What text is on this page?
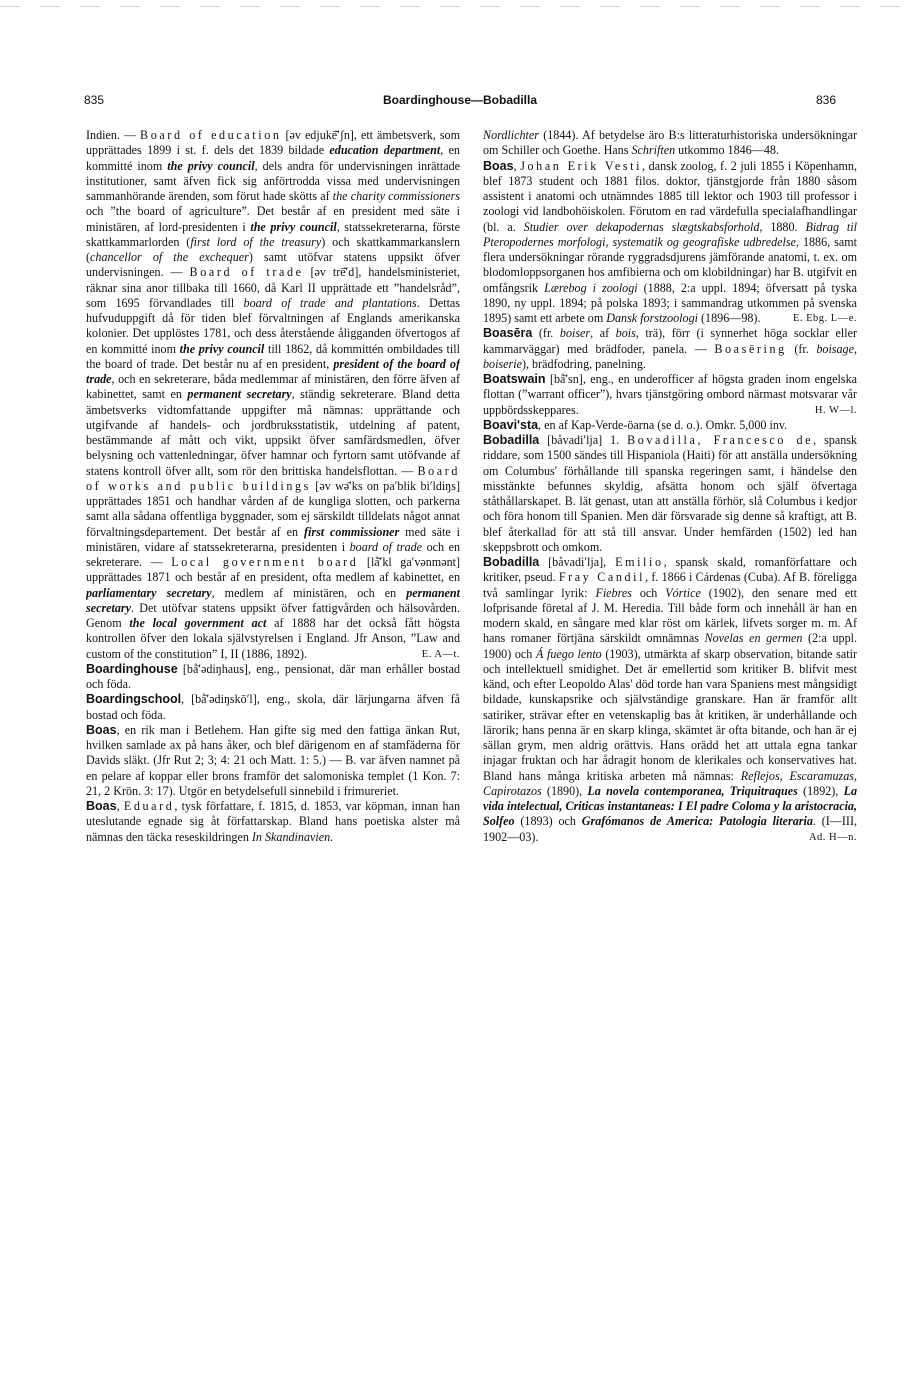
835	Boardinghouse—Bobadilla	836

Indien. — Board of education [əv edjukē̆ʹʃn], ett ämbetsverk, som upprättades 1899 i st. f. dels det 1839 bildade education department, en kommitté inom the privy council, dels andra för undervisningen inrättade institutioner, samt äfven fick sig anförtrodda vissa med undervisningen sammanhörande ärenden, som förut hade skötts af the charity commissioners och ”the board of agriculture”. Det består af en president med säte i ministären, af lord-presidenten i the privy council, statssekreterarna, förste skattkammarlorden (first lord of the treasury) och skattkammarkanslern (chancellor of the exchequer) samt utöfvar statens uppsikt öfver undervisningen. — Board of trade [əv trē̆ʹd], handelsministeriet, räknar sina anor tillbaka till 1660, då Karl II upprättade ett ”handelsråd”, som 1695 förvandlades till board of trade and plantations. Dettas hufvuduppgift då för tiden blef förvaltningen af Englands amerikanska kolonier. Det upplöstes 1781, och dess återstående åligganden öfvertogos af en kommitté inom the privy council till 1862, då kommittén ombildades till the board of trade. Det består nu af en president, president of the board of trade, och en sekreterare, båda medlemmar af ministären, den förre äfven af kabinettet, samt en permanent secretary, ständig sekreterare. Bland detta ämbetsverks vidtomfattande uppgifter må nämnas: upprättande och utgifvande af handels- och jordbruksstatistik, utdelning af patent, bestämmande af mått och vikt, uppsikt öfver samfärdsmedlen, öfver belysning och vattenledningar, öfver hamnar och fyrtorn samt utöfvande af statens kontroll öfver allt, som rör den brittiska handelsflottan. — Board of works and public buildings [əv wə̄ʹks on paʹblik biʹldiŋs] upprättades 1851 och handhar vården af de kungliga slotten, och parkerna samt alla sådana offentliga byggnader, som ej särskildt tilldelats något annat förvaltningsdepartement. Det består af en first commissioner med säte i ministären, vidare af statssekreterarna, presidenten i board of trade och en sekreterare. — Local government board [lå̆ʹkl gaʹvənmənt] upprättades 1871 och består af en president, ofta medlem af kabinettet, en parliamentary secretary, medlem af ministären, och en permanent secretary. Det utöfvar statens uppsikt öfver fattigvården och hälsovården. Genom the local government act af 1888 har det också fått högsta kontrollen öfver den lokala självstyrelsen i England. Jfr Anson, ”Law and custom of the constitution” I, II (1886, 1892).	E. A—t.

Boardinghouse [bå̄ʹədiŋhaus], eng., pensionat, där man erhåller bostad och föda.

Boardingschool, [bå̄ʹədiŋskōʹl], eng., skola, där lärjungarna äfven få bostad och föda.

Boas, en rik man i Betlehem. Han gifte sig med den fattiga änkan Rut, hvilken samlade ax på hans åker, och blef därigenom en af stamfäderna för Davids släkt. (Jfr Rut 2; 3; 4: 21 och Matt. 1: 5.) — B. var äfven namnet på en pelare af koppar eller brons framför det salomoniska templet (1 Kon. 7: 21, 2 Krön. 3: 17). Utgör en betydelsefull sinnebild i frimureriet.

Boas, Eduard, tysk författare, f. 1815, d. 1853, var köpman, innan han uteslutande egnade sig åt författarskap. Bland hans poetiska alster må nämnas den täcka reseskildringen In Skandinavien.

Nordlichter (1844). Af betydelse äro B:s litteraturhistoriska undersökningar om Schiller och Goethe. Hans Schriften utkommo 1846—48.

Boas, Johan Erik Vesti, dansk zoolog, f. 2 juli 1855 i Köpenhamn, blef 1873 student och 1881 filos. doktor, tjänstgjorde från 1880 såsom assistent i anatomi och utnämndes 1885 till lektor och 1903 till professor i zoologi vid landbohöiskolen. Förutom en rad värdefulla specialafhandlingar (bl. a. Studier over dekapodernas slægtskabsforhold, 1880. Bidrag til Pteropodernes morfologi, systematik og geografiske udbredelse, 1886, samt flera undersökningar rörande ryggradsdjurens jämförande anatomi, t. ex. om blodomloppsorganen hos amfibierna och om klobildningar) har B. utgifvit en omfångsrik Lærebog i zoologi (1888, 2:a uppl. 1894; öfversatt på tyska 1890, ny uppl. 1894; på polska 1893; i sammandrag utkommen på svenska 1895) samt ett arbete om Dansk forstzoologi (1896—98).	E. Ebg. L—e.

Boasēra (fr. boiser, af bois, trä), förr (i synnerhet höga socklar eller kammarväggar) med brädfoder, panela. — Boasēring (fr. boisage, boiserie), brädfodring, panelning.

Boatswain [bå̄ʹsn], eng., en underofficer af högsta graden inom engelska flottan (”warrant officer”), hvars tjänstgöring ombord närmast motsvarar vår uppbördsskeppares.	H. W—l.

Boaviʹsta, en af Kap-Verde-öarna (se d. o.). Omkr. 5,000 inv.

Bobadilla [båvadiʹlja] 1. Bovadilla, Francesco de, spansk riddare, som 1500 sändes till Hispaniola (Haiti) för att anställa undersökning om Columbus' förhållande till spanska regeringen samt, i händelse den misstänkte befunnes skyldig, afsätta honom och själf öfvertaga ståthållarskapet. B. lät genast, utan att anställa förhör, slå Columbus i kedjor och föra honom till Spanien. Men där försvarade sig denne så kraftigt, att B. blef återkallad för att stå till ansvar. Under hemfärden (1502) led han skeppsbrott och omkom.

Bobadilla [båvadiʹlja], Emilio, spansk skald, romanförfattare och kritiker, pseud. Fray Candil, f. 1866 i Cárdenas (Cuba). Af B. föreligga två samlingar lyrik: Fiebres och Vórtice (1902), den senare med ett lofprisande företal af J. M. Heredia. Till både form och innehåll är han en modern skald, en sångare med klar röst om kärlek, lifvets sorger m. m. Af hans romaner förtjäna särskildt omnämnas Novelas en germen (2:a uppl. 1900) och Á fuego lento (1903), utmärkta af skarp observation, bitande satir och intellektuell smidighet. Det är emellertid som kritiker B. blifvit mest känd, och efter Leopoldo Alas' död torde han vara Spaniens mest mångsidigt bildade, kunskapsrike och självständige granskare. Han är framför allt satiriker, strävar efter en vetenskaplig bas åt kritiken, är underhållande och lärorik; hans penna är en skarp klinga, skämtet är ofta bitande, och han är ej sällan grym, men aldrig orättvis. Hans orädd het att uttala egna tankar injagar fruktan och har ådragit honom de klerikales och konservatives hat. Bland hans många kritiska arbeten må nämnas: Reflejos, Escaramuzas, Capirotazos (1890), La novela contemporanea, Triquitraques (1892), La vida intelectual, Criticas instantaneas: I El padre Coloma y la aristocracia, Solfeo (1893) och Grafómanos de America: Patologia literaria. (I—III, 1902—03).	Ad. H—n.
